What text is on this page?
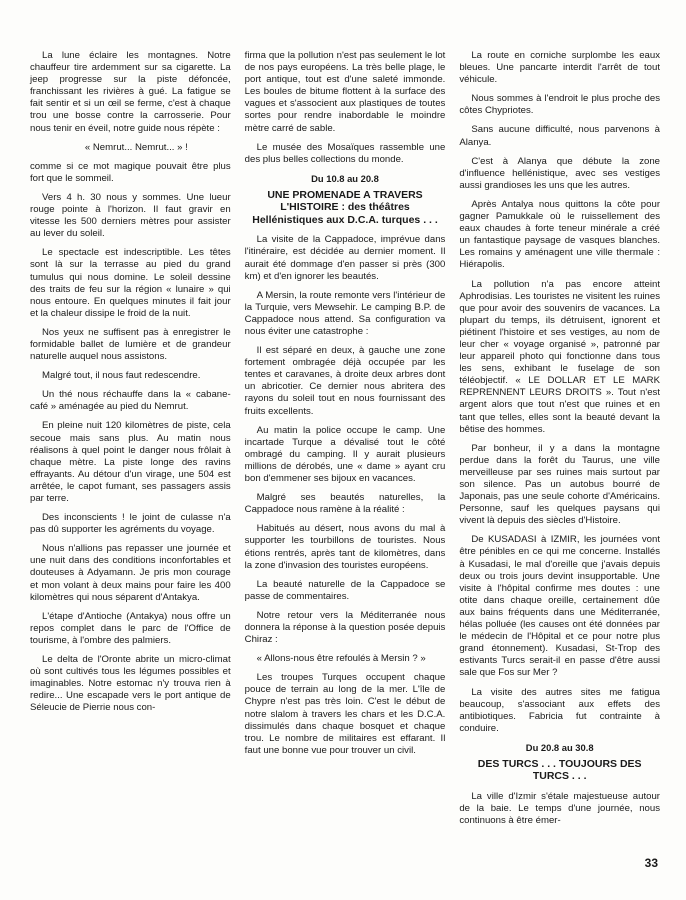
La lune éclaire les montagnes. Notre chauffeur tire ardemment sur sa cigarette. La jeep progresse sur la piste défoncée, franchissant les rivières à gué. La fatigue se fait sentir et si un œil se ferme, c'est à chaque trou une bosse contre la carrosserie. Pour nous tenir en éveil, notre guide nous répète :

« Nemrut... Nemrut... » !

comme si ce mot magique pouvait être plus fort que le sommeil.

Vers 4 h. 30 nous y sommes. Une lueur rouge pointe à l'horizon. Il faut gravir en vitesse les 500 derniers mètres pour assister au lever du soleil.

Le spectacle est indescriptible. Les têtes sont là sur la terrasse au pied du grand tumulus qui nous domine. Le soleil dessine des traits de feu sur la région « lunaire » qui nous entoure. En quelques minutes il fait jour et la chaleur dissipe le froid de la nuit.

Nos yeux ne suffisent pas à enregistrer le formidable ballet de lumière et de grandeur naturelle auquel nous assistons.

Malgré tout, il nous faut redescendre.

Un thé nous réchauffe dans la « cabane-café » aménagée au pied du Nemrut.

En pleine nuit 120 kilomètres de piste, cela secoue mais sans plus. Au matin nous réalisons à quel point le danger nous frôlait à chaque mètre. La piste longe des ravins effrayants. Au détour d'un virage, une 504 est arrêtée, le capot fumant, ses passagers assis par terre.

Des inconscients ! le joint de culasse n'a pas dû supporter les agréments du voyage.

Nous n'allions pas repasser une journée et une nuit dans des conditions inconfortables et douteuses à Adyamann. Je pris mon courage et mon volant à deux mains pour faire les 400 kilomètres qui nous séparent d'Antakya.

L'étape d'Antioche (Antakya) nous offre un repos complet dans le parc de l'Office de tourisme, à l'ombre des palmiers.

Le delta de l'Oronte abrite un micro-climat où sont cultivés tous les légumes possibles et imaginables. Notre estomac n'y trouva rien à redire... Une escapade vers le port antique de Séleucie de Pierrie nous con-

firma que la pollution n'est pas seulement le lot de nos pays européens. La très belle plage, le port antique, tout est d'une saleté immonde. Les boules de bitume flottent à la surface des vagues et s'associent aux plastiques de toutes sortes pour rendre inabordable le moindre mètre carré de sable.

Le musée des Mosaïques rassemble une des plus belles collections du monde.

Du 10.8 au 20.8
UNE PROMENADE A TRAVERS L'HISTOIRE : des théâtres Hellénistiques aux D.C.A. turques . . .

La visite de la Cappadoce, imprévue dans l'itinéraire, est décidée au dernier moment. Il aurait été dommage d'en passer si près (300 km) et d'en ignorer les beautés.

A Mersin, la route remonte vers l'intérieur de la Turquie, vers Mewsehir. Le camping B.P. de Cappadoce nous attend. Sa configuration va nous éviter une catastrophe :

Il est séparé en deux, à gauche une zone fortement ombragée déjà occupée par les tentes et caravanes, à droite deux arbres dont un abricotier. Ce dernier nous abritera des rayons du soleil tout en nous fournissant des fruits excellents.

Au matin la police occupe le camp. Une incartade Turque a dévalisé tout le côté ombragé du camping. Il y aurait plusieurs millions de dérobés, une « dame » ayant cru bon d'emmener ses bijoux en vacances.

Malgré ses beautés naturelles, la Cappadoce nous ramène à la réalité :

Habitués au désert, nous avons du mal à supporter les tourbillons de touristes. Nous étions rentrés, après tant de kilomètres, dans la zone d'invasion des touristes européens.

La beauté naturelle de la Cappadoce se passe de commentaires.

Notre retour vers la Méditerranée nous donnera la réponse à la question posée depuis Chiraz :

« Allons-nous être refoulés à Mersin ? »

Les troupes Turques occupent chaque pouce de terrain au long de la mer. L'île de Chypre n'est pas très loin. C'est le début de notre slalom à travers les chars et les D.C.A. dissimulés dans chaque bosquet et chaque trou. Le nombre de militaires est effarant. Il faut une bonne vue pour trouver un civil.

La route en corniche surplombe les eaux bleues. Une pancarte interdit l'arrêt de tout véhicule.

Nous sommes à l'endroit le plus proche des côtes Chypriotes.

Sans aucune difficulté, nous parvenons à Alanya.

C'est à Alanya que débute la zone d'influence hellénistique, avec ses vestiges aussi grandioses les uns que les autres.

Après Antalya nous quittons la côte pour gagner Pamukkale où le ruissellement des eaux chaudes à forte teneur minérale a créé un fantastique paysage de vasques blanches. Les romains y aménagent une ville thermale : Hiérapolis.

La pollution n'a pas encore atteint Aphrodisias. Les touristes ne visitent les ruines que pour avoir des souvenirs de vacances. La plupart du temps, ils détruisent, ignorent et piétinent l'histoire et ses vestiges, au nom de leur cher « voyage organisé », patronné par leur appareil photo qui fonctionne dans tous les sens, exhibant le fuselage de son téléobjectif. « LE DOLLAR ET LE MARK REPRENNENT LEURS DROITS ». Tout n'est argent alors que tout n'est que ruines et en tant que telles, elles sont la beauté devant la bêtise des hommes.

Par bonheur, il y a dans la montagne perdue dans la forêt du Taurus, une ville merveilleuse par ses ruines mais surtout par son silence. Pas un autobus bourré de Japonais, pas une seule cohorte d'Américains. Personne, sauf les quelques paysans qui vivent là depuis des siècles d'Histoire.

De KUSADASI à IZMIR, les journées vont être pénibles en ce qui me concerne. Installés à Kusadasi, le mal d'oreille que j'avais depuis deux ou trois jours devint insupportable. Une visite à l'hôpital confirme mes doutes : une otite dans chaque oreille, certainement dûe aux bains fréquents dans une Méditerranée, hélas polluée (les causes ont été données par le médecin de l'Hôpital et ce pour notre plus grand étonnement). Kusadasi, St-Trop des estivants Turcs serait-il en passe d'être aussi sale que Fos sur Mer ?

La visite des autres sites me fatigua beaucoup, s'associant aux effets des antibiotiques. Fabricia fut contrainte à conduire.

Du 20.8 au 30.8
DES TURCS . . . TOUJOURS DES TURCS . . .

La ville d'Izmir s'étale majestueuse autour de la baie. Le temps d'une journée, nous continuons à être émer-

33
